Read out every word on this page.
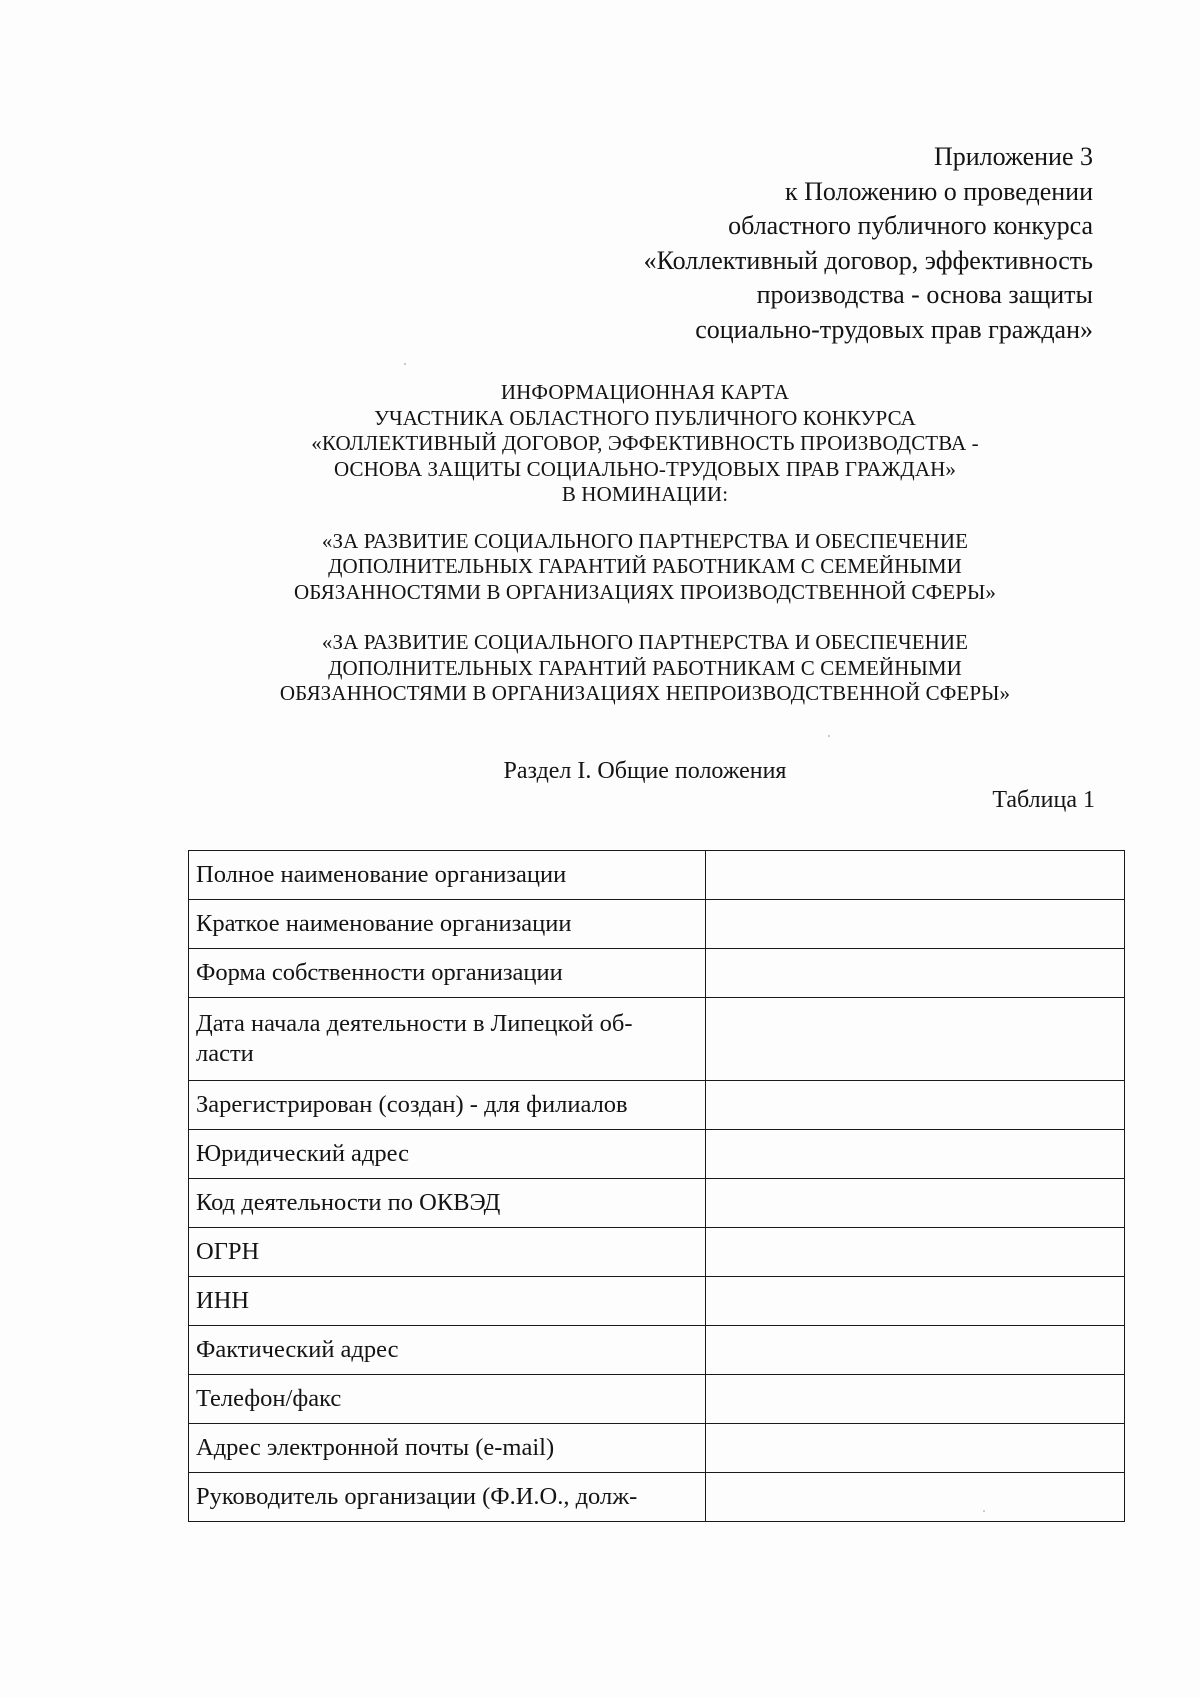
Приложение 3
к Положению о проведении
областного публичного конкурса
«Коллективный договор, эффективность
производства - основа защиты
социально-трудовых прав граждан»
ИНФОРМАЦИОННАЯ КАРТА
УЧАСТНИКА ОБЛАСТНОГО ПУБЛИЧНОГО КОНКУРСА
«КОЛЛЕКТИВНЫЙ ДОГОВОР, ЭФФЕКТИВНОСТЬ ПРОИЗВОДСТВА -
ОСНОВА ЗАЩИТЫ СОЦИАЛЬНО-ТРУДОВЫХ ПРАВ ГРАЖДАН»
В НОМИНАЦИИ:
«ЗА РАЗВИТИЕ СОЦИАЛЬНОГО ПАРТНЕРСТВА И ОБЕСПЕЧЕНИЕ
ДОПОЛНИТЕЛЬНЫХ ГАРАНТИЙ РАБОТНИКАМ С СЕМЕЙНЫМИ
ОБЯЗАННОСТЯМИ В ОРГАНИЗАЦИЯХ ПРОИЗВОДСТВЕННОЙ СФЕРЫ»
«ЗА РАЗВИТИЕ СОЦИАЛЬНОГО ПАРТНЕРСТВА И ОБЕСПЕЧЕНИЕ
ДОПОЛНИТЕЛЬНЫХ ГАРАНТИЙ РАБОТНИКАМ С СЕМЕЙНЫМИ
ОБЯЗАННОСТЯМИ В ОРГАНИЗАЦИЯХ НЕПРОИЗВОДСТВЕННОЙ СФЕРЫ»
Раздел I. Общие положения
Таблица 1
Полное наименование организации	
Краткое наименование организации	
Форма собственности организации	

Дата начала деятельности в Липецкой об-
ласти	

Зарегистрирован (создан) - для филиалов	
Юридический адрес	
Код деятельности по ОКВЭД	
ОГРН	
ИНН	
Фактический адрес	
Телефон/факс	
Адрес электронной почты (e-mail)	
Руководитель организации (Ф.И.О., долж-	
